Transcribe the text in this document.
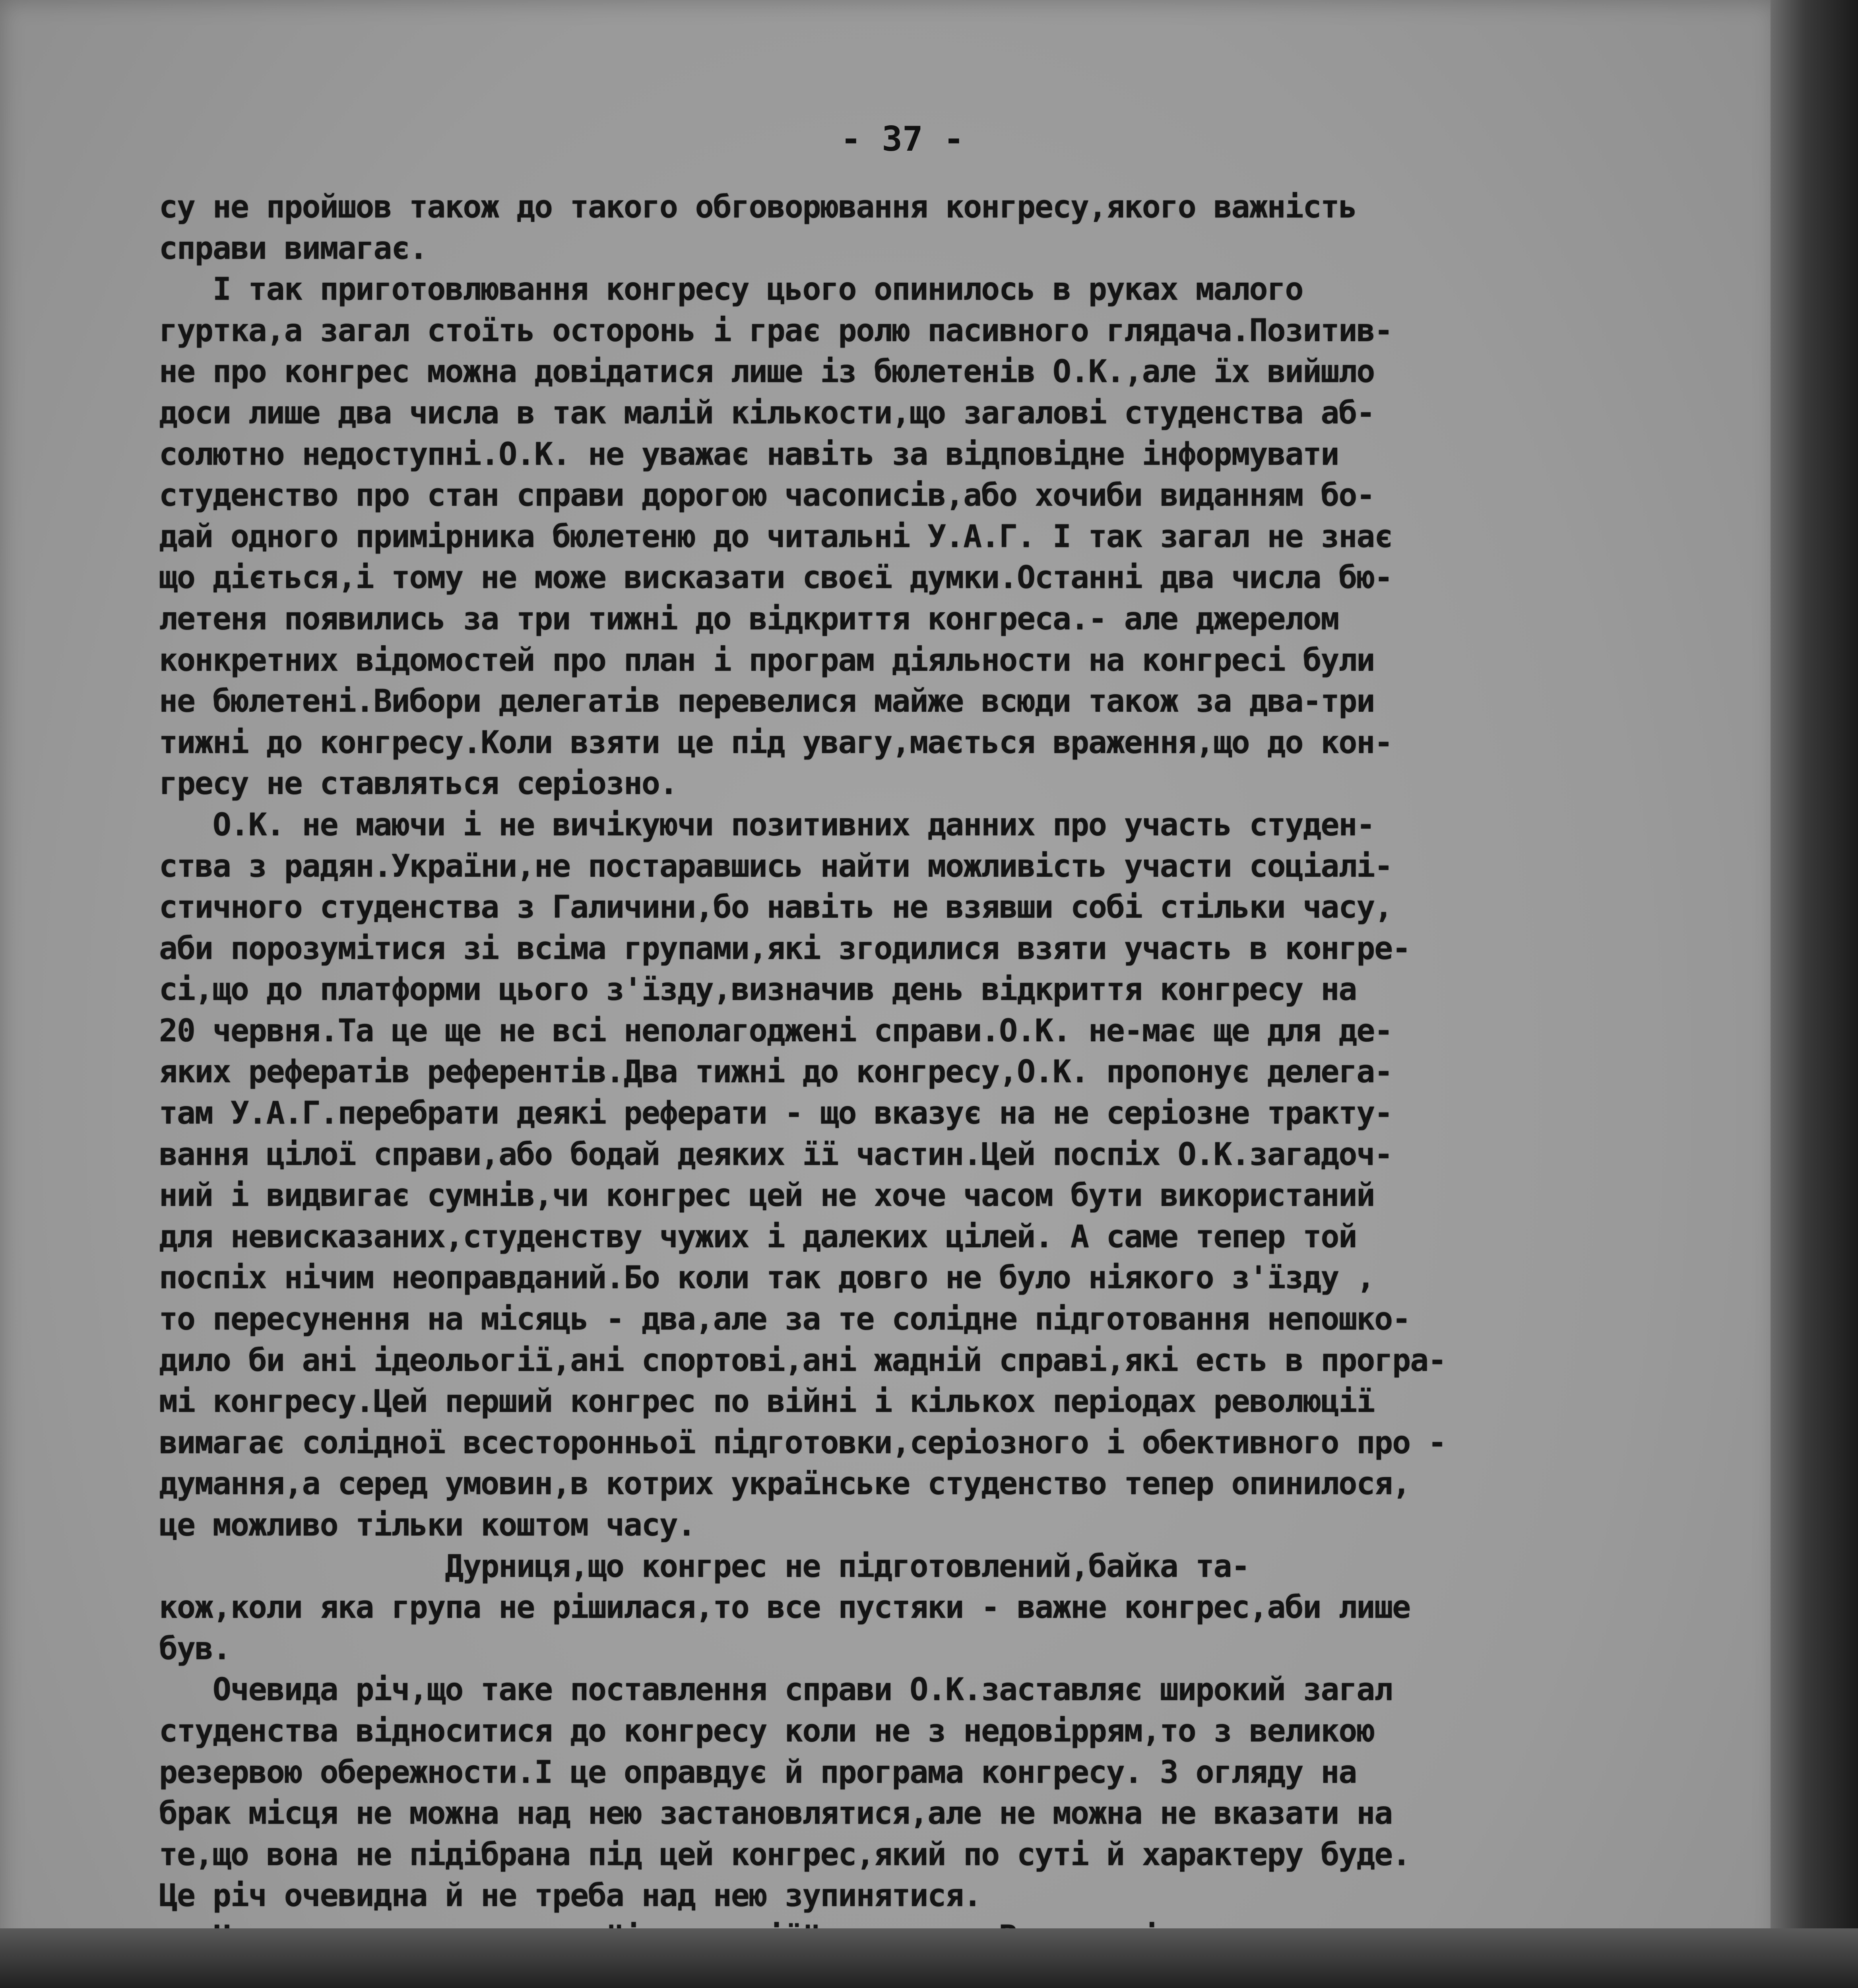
- 37 -
су не пройшов також до такого обговорювання конгресу,якого важність
справи вимагає.
І так приготовлювання конгресу цього опинилось в руках малого
гуртка,а загал стоїть осторонь і грає ролю пасивного глядача.Позитив-
не про конгрес можна довідатися лише із бюлетенів О.К.,але їх вийшло
доси лише два числа в так малій кількости,що загалові студенства аб-
солютно недоступні.О.К. не уважає навіть за відповідне інформувати
студенство про стан справи дорогою часописів,або хочиби виданням бо-
дай одного примірника бюлетеню до читальні У.А.Г. І так загал не знає
що діється,і тому не може висказати своєї думки.Останні два числа бю-
летеня появились за три тижні до відкриття конгреса.- але джерелом
конкретних відомостей про план і програм діяльности на конгресі були
не бюлетені.Вибори делегатів перевелися майже всюди також за два-три
тижні до конгресу.Коли взяти це під увагу,мається враження,що до кон-
гресу не ставляться серіозно.
О.К. не маючи і не вичікуючи позитивних данних про участь студен-
ства з радян.України,не постаравшись найти можливість участи соціалі-
стичного студенства з Галичини,бо навіть не взявши собі стільки часу,
аби порозумітися зі всіма групами,які згодилися взяти участь в конгре-
сі,що до платформи цього з'їзду,визначив день відкриття конгресу на
20 червня.Та це ще не всі неполагоджені справи.О.К. не-має ще для де-
яких рефератів референтів.Два тижні до конгресу,О.К. пропонує делега-
там У.А.Г.перебрати деякі реферати - що вказує на не серіозне тракту-
вання цілої справи,або бодай деяких її частин.Цей поспіх О.К.загадоч-
ний і видвигає сумнів,чи конгрес цей не хоче часом бути використаний
для невисказаних,студенству чужих і далеких цілей. А саме тепер той
поспіх нічим неоправданий.Бо коли так довго не було ніякого з'їзду ,
то пересунення на місяць - два,але за те солідне підготовання непошко-
дило би ані ідеольогії,ані спортові,ані жадній справі,які есть в програ-
мі конгресу.Цей перший конгрес по війні і кількох періодах революції
вимагає солідної всесторонньої підготовки,серіозного і обективного про -
думання,а серед умовин,в котрих українське студенство тепер опинилося,
це можливо тільки коштом часу.
Дурниця,що конгрес не підготовлений,байка та-
кож,коли яка група не рішилася,то все пустяки - важне конгрес,аби лише
був.
Очевида річ,що таке поставлення справи О.К.заставляє широкий загал
студенства відноситися до конгресу коли не з недовіррям,то з великою
резервою обережности.І це оправдує й програма конгресу. З огляду на
брак місця не можна над нею застановлятися,але не можна не вказати на
те,що вона не підібрана під цей конгрес,який по суті й характеру буде.
Це річ очевидна й не треба над нею зупинятися.
